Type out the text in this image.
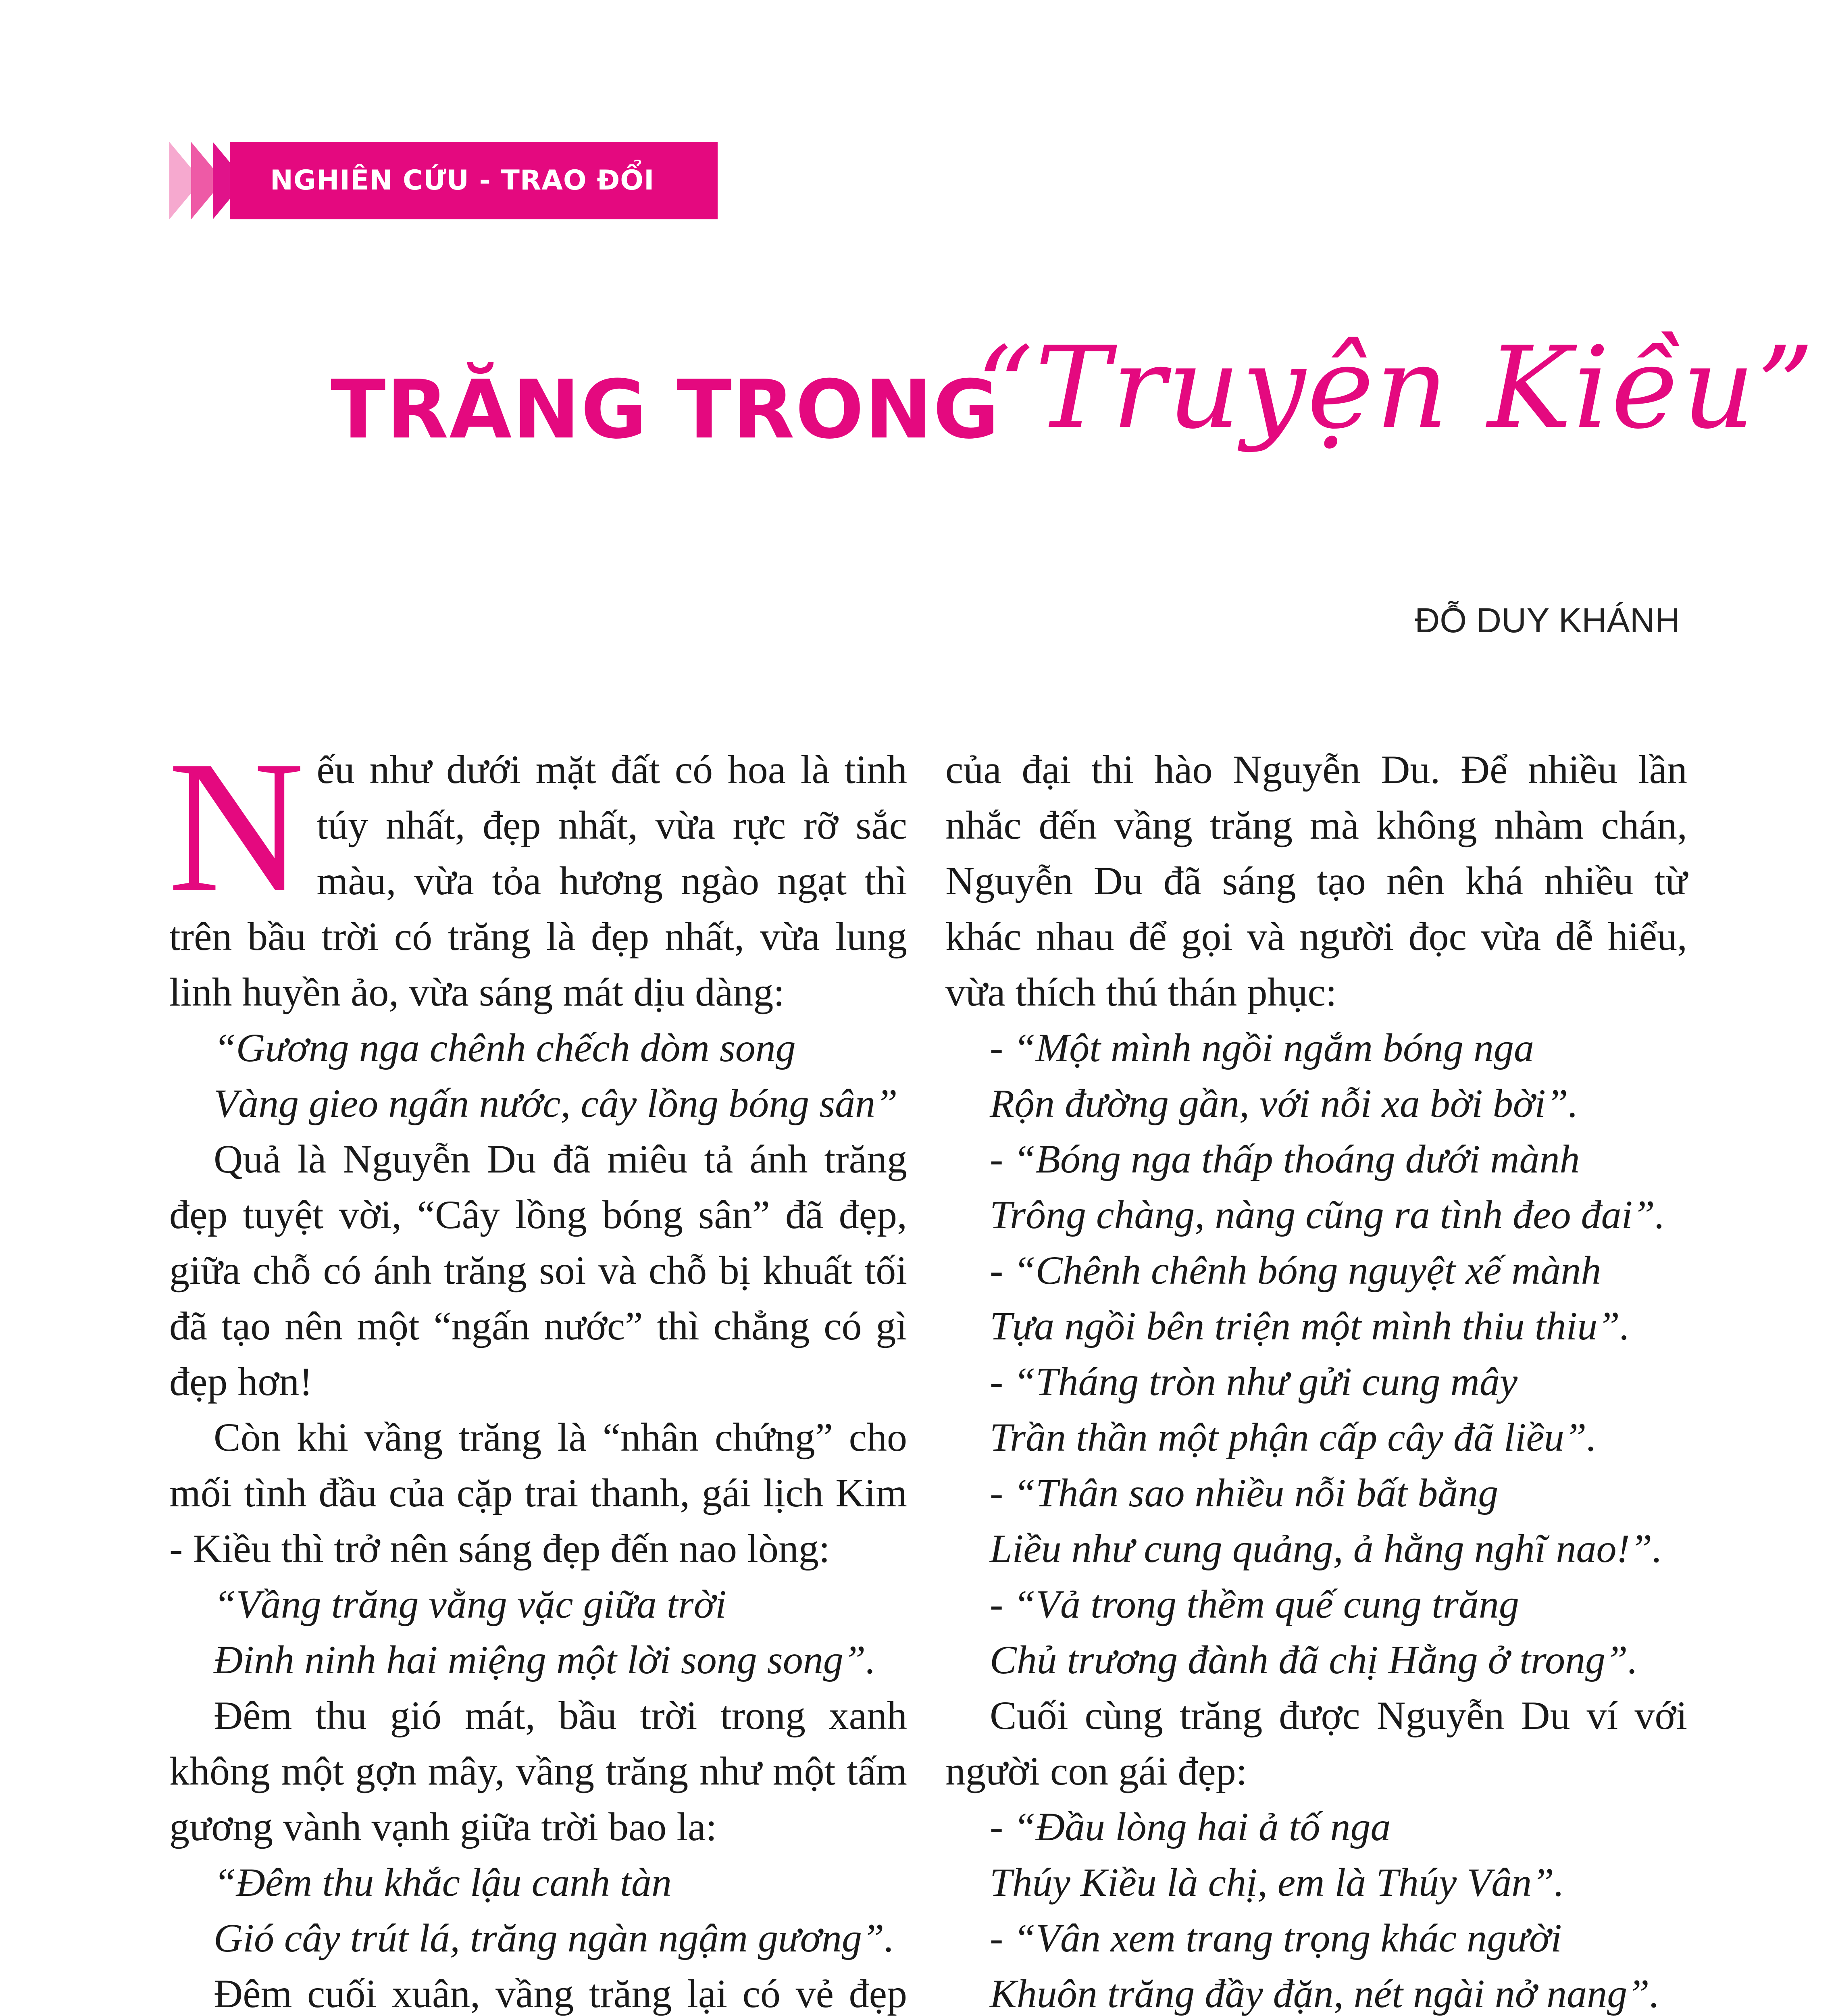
NGHIÊN CỨU - TRAO ĐỔI
TRĂNG TRONG
“Truyện Kiều”
ĐỖ DUY KHÁNH
N ếu như dưới mặt đất có hoa là tinh túy nhất, đẹp nhất, vừa rực rỡ sắc màu, vừa tỏa hương ngào ngạt thì trên bầu trời có trăng là đẹp nhất, vừa lung linh huyền ảo, vừa sáng mát dịu dàng:

“Gương nga chênh chếch dòm song
Vàng gieo ngấn nước, cây lồng bóng sân”

Quả là Nguyễn Du đã miêu tả ánh trăng đẹp tuyệt vời, “Cây lồng bóng sân” đã đẹp, giữa chỗ có ánh trăng soi và chỗ bị khuất tối đã tạo nên một “ngấn nước” thì chẳng có gì đẹp hơn!

Còn khi vầng trăng là “nhân chứng” cho mối tình đầu của cặp trai thanh, gái lịch Kim - Kiều thì trở nên sáng đẹp đến nao lòng:

“Vầng trăng vằng vặc giữa trời
Đinh ninh hai miệng một lời song song”.

Đêm thu gió mát, bầu trời trong xanh không một gợn mây, vầng trăng như một tấm gương vành vạnh giữa trời bao la:

“Đêm thu khắc lậu canh tàn
Gió cây trút lá, trăng ngàn ngậm gương”.

Đêm cuối xuân, vầng trăng lại có vẻ đẹp

của đại thi hào Nguyễn Du. Để nhiều lần nhắc đến vầng trăng mà không nhàm chán, Nguyễn Du đã sáng tạo nên khá nhiều từ khác nhau để gọi và người đọc vừa dễ hiểu, vừa thích thú thán phục:

- “Một mình ngồi ngắm bóng nga
Rộn đường gần, với nỗi xa bời bời”.
- “Bóng nga thấp thoáng dưới mành
Trông chàng, nàng cũng ra tình đeo đai”.
- “Chênh chênh bóng nguyệt xế mành
Tựa ngồi bên triện một mình thiu thiu”.
- “Tháng tròn như gửi cung mây
Trần thần một phận cấp cây đã liều”.
- “Thân sao nhiều nỗi bất bằng
Liều như cung quảng, ả hằng nghĩ nao!”.
- “Vả trong thềm quế cung trăng
Chủ trương đành đã chị Hằng ở trong”.

Cuối cùng trăng được Nguyễn Du ví với người con gái đẹp:

- “Đầu lòng hai ả tố nga
Thúy Kiều là chị, em là Thúy Vân”.
- “Vân xem trang trọng khác người
Khuôn trăng đầy đặn, nét ngài nở nang”.
